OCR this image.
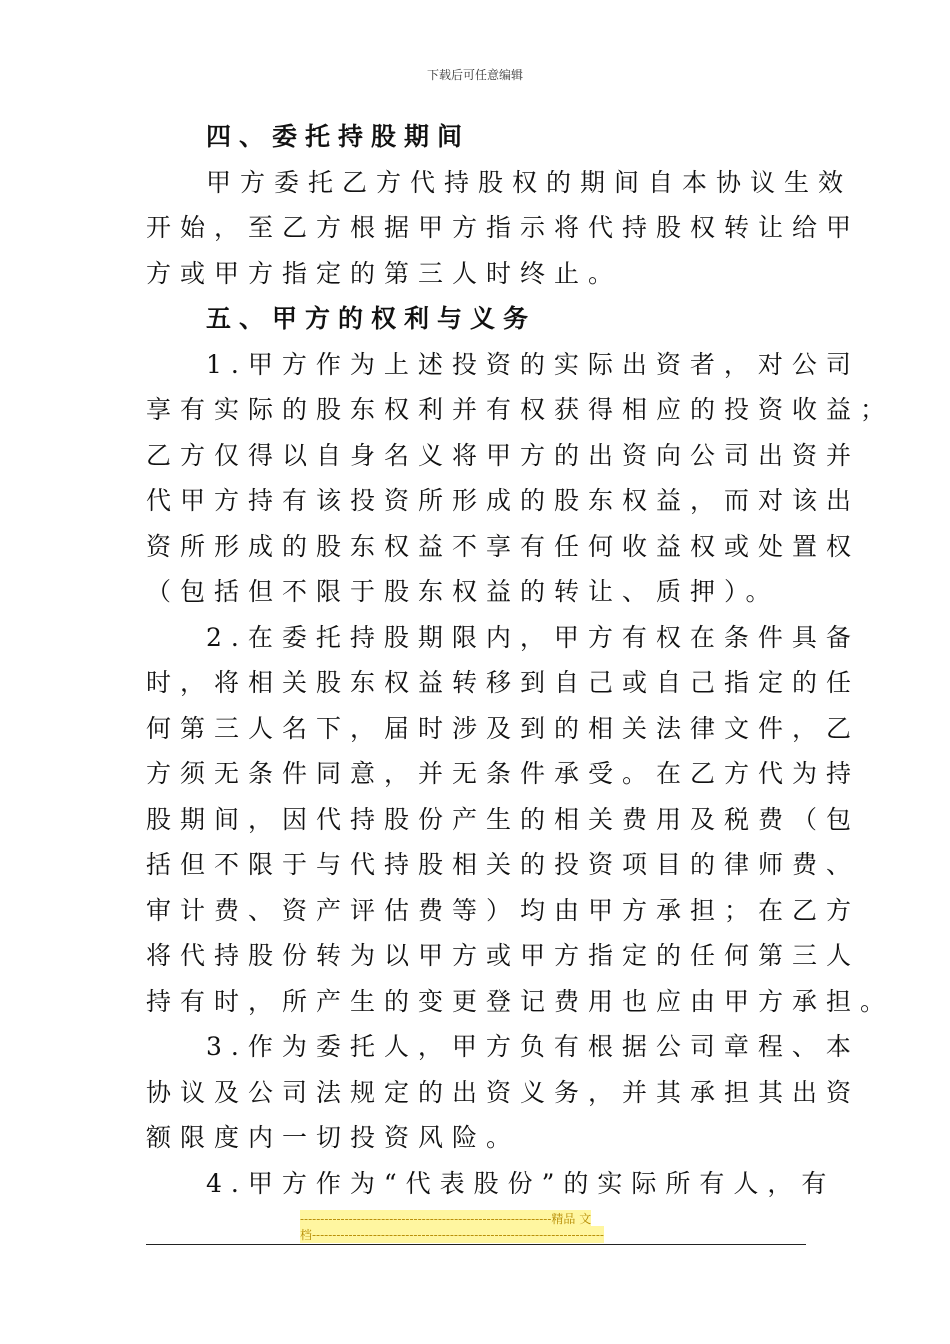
下载后可任意编辑
四、委托持股期间
甲方委托乙方代持股权的期间自本协议生效
开始，至乙方根据甲方指示将代持股权转让给甲
方或甲方指定的第三人时终止。
五、甲方的权利与义务
1.甲方作为上述投资的实际出资者，对公司
享有实际的股东权利并有权获得相应的投资收益；
乙方仅得以自身名义将甲方的出资向公司出资并
代甲方持有该投资所形成的股东权益，而对该出
资所形成的股东权益不享有任何收益权或处置权
（包括但不限于股东权益的转让、质押）。
2.在委托持股期限内，甲方有权在条件具备
时，将相关股东权益转移到自己或自己指定的任
何第三人名下，届时涉及到的相关法律文件，乙
方须无条件同意，并无条件承受。在乙方代为持
股期间，因代持股份产生的相关费用及税费（包
括但不限于与代持股相关的投资项目的律师费、
审计费、资产评估费等）均由甲方承担；在乙方
将代持股份转为以甲方或甲方指定的任何第三人
持有时，所产生的变更登记费用也应由甲方承担。
3.作为委托人，甲方负有根据公司章程、本
协议及公司法规定的出资义务，并其承担其出资
额限度内一切投资风险。
4.甲方作为“代表股份”的实际所有人，有
--------------------------------------------------------------精品 文
档------------------------------------------------------------------------
